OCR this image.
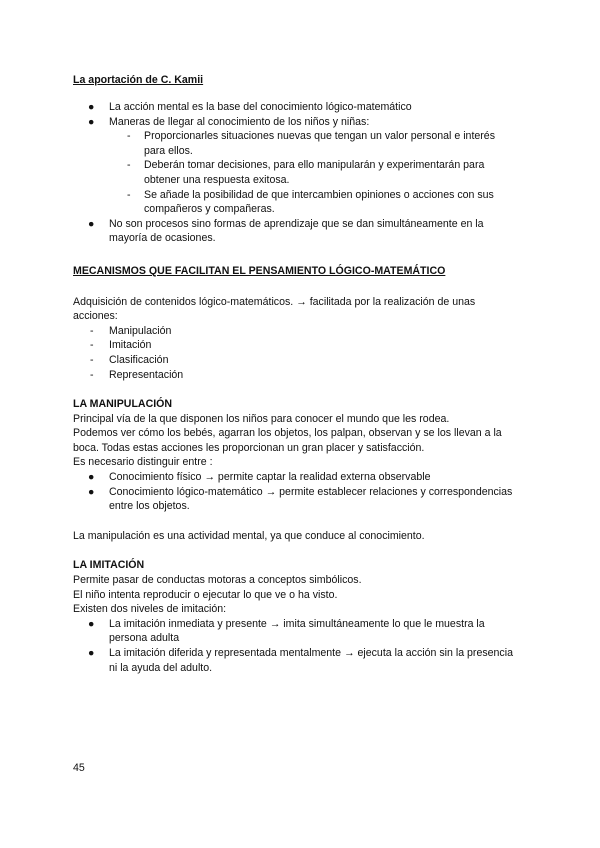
La aportación de C. Kamii

● La acción mental es la base del conocimiento lógico-matemático
● Maneras de llegar al conocimiento de los niños y niñas:
- Proporcionarles situaciones nuevas que tengan un valor personal e interés para ellos.
- Deberán tomar decisiones, para ello manipularán y experimentarán para obtener una respuesta exitosa.
- Se añade la posibilidad de que intercambien opiniones o acciones con sus compañeros y compañeras.
● No son procesos sino formas de aprendizaje que se dan simultáneamente en la mayoría de ocasiones.

MECANISMOS QUE FACILITAN EL PENSAMIENTO LÓGICO-MATEMÁTICO

Adquisición de contenidos lógico-matemáticos. → facilitada por la realización de unas acciones:

- Manipulación
- Imitación
- Clasificación
- Representación

LA MANIPULACIÓN

Principal vía de la que disponen los niños para conocer el mundo que les rodea.

Podemos ver cómo los bebés, agarran los objetos, los palpan, observan y se los llevan a la boca. Todas estas acciones les proporcionan un gran placer y satisfacción.

Es necesario distinguir entre :

● Conocimiento físico → permite captar la realidad externa observable
● Conocimiento lógico-matemático → permite establecer relaciones y correspondencias entre los objetos.

La manipulación es una actividad mental, ya que conduce al conocimiento.

LA IMITACIÓN

Permite pasar de conductas motoras a conceptos simbólicos.

El niño intenta reproducir o ejecutar lo que ve o ha visto.

Existen dos niveles de imitación:

● La imitación inmediata y presente → imita simultáneamente lo que le muestra la persona adulta
● La imitación diferida y representada mentalmente → ejecuta la acción sin la presencia ni la ayuda del adulto.
45
